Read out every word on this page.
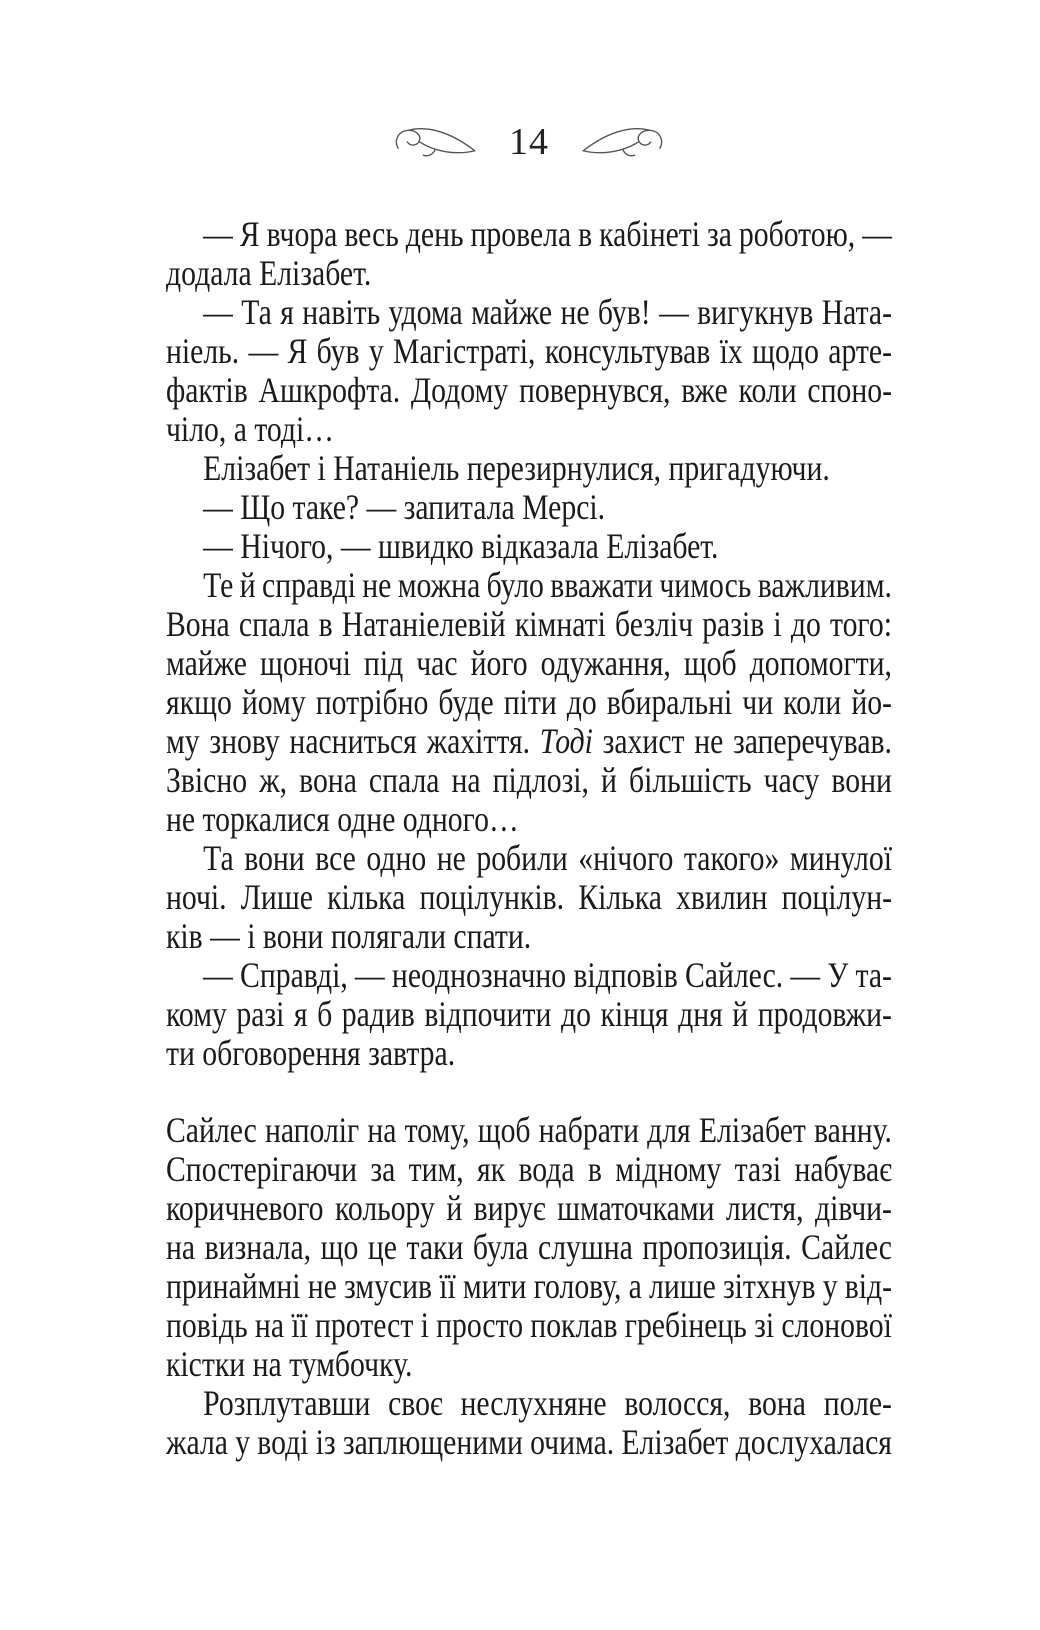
14
— Я вчора весь день провела в кабінеті за роботою, —
додала Елізабет.
— Та я навіть удома майже не був! — вигукнув Ната-
ніель. — Я був у Магістраті, консультував їх щодо арте-
фактів Ашкрофта. Додому повернувся, вже коли споно-
чіло, а тоді…
Елізабет і Натаніель перезирнулися, пригадуючи.
— Що таке? — запитала Мерсі.
— Нічого, — швидко відказала Елізабет.
Те й справді не можна було вважати чимось важливим.
Вона спала в Натаніелевій кімнаті безліч разів і до того:
майже щоночі під час його одужання, щоб допомогти,
якщо йому потрібно буде піти до вбиральні чи коли йо-
му знову насниться жахіття. Тоді захист не заперечував.
Звісно ж, вона спала на підлозі, й більшість часу вони
не торкалися одне одного…
Та вони все одно не робили «нічого такого» минулої
ночі. Лише кілька поцілунків. Кілька хвилин поцілун-
ків — і вони полягали спати.
— Справді, — неоднозначно відповів Сайлес. — У та-
кому разі я б радив відпочити до кінця дня й продовжи-
ти обговорення завтра.
Сайлес наполіг на тому, щоб набрати для Елізабет ванну.
Спостерігаючи за тим, як вода в мідному тазі набуває
коричневого кольору й вирує шматочками листя, дівчи-
на визнала, що це таки була слушна пропозиція. Сайлес
принаймні не змусив її мити голову, а лише зітхнув у від-
повідь на її протест і просто поклав гребінець зі слонової
кістки на тумбочку.
Розплутавши своє неслухняне волосся, вона поле-
жала у воді із заплющеними очима. Елізабет дослухалася
